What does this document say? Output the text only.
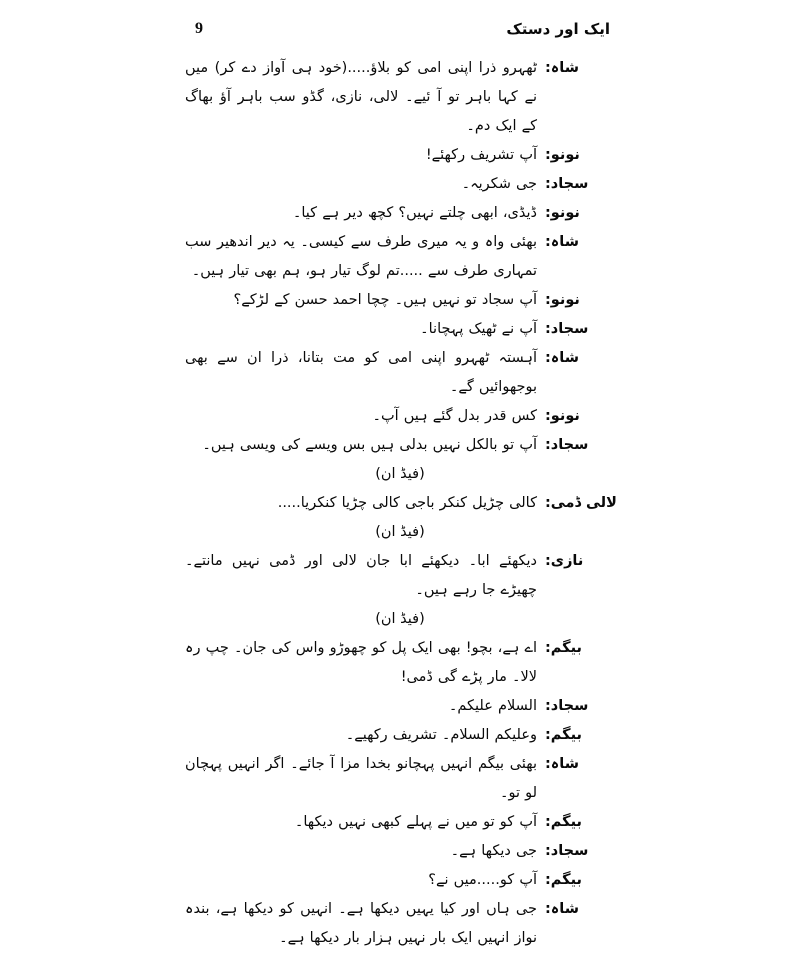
ایک اور دستک
9
شاہ:
ٹھہرو ذرا اپنی امی کو بلاؤ.....(خود ہی آواز دے کر) میں نے کہا باہر تو آ ئیے۔ لالی، نازی، گڈو سب باہر آؤ بھاگ کے ایک دم۔
نونو:
آپ تشریف رکھئے!
سجاد:
جی شکریہ۔
نونو:
ڈیڈی، ابھی چلتے نہیں؟ کچھ دیر ہے کیا۔
شاہ:
بھئی واہ و یہ میری طرف سے کیسی۔ یہ دیر اندھیر سب تمہاری طرف سے .....تم لوگ تیار ہو، ہم بھی تیار ہیں۔
نونو:
آپ سجاد تو نہیں ہیں۔ چچا احمد حسن کے لڑکے؟
سجاد:
آپ نے ٹھیک پہچانا۔
شاہ:
آہستہ ٹھہرو اپنی امی کو مت بتانا، ذرا ان سے بھی بوجھوائیں گے۔
نونو:
کس قدر بدل گئے ہیں آپ۔
سجاد:
آپ تو بالکل نہیں بدلی ہیں بس ویسے کی ویسی ہیں۔
(فیڈ ان)
لالی ڈمی:
کالی چڑیل کنکر باجی کالی چڑیا کنکریا.....
(فیڈ ان)
نازی:
دیکھئے ابا۔ دیکھئے ابا جان لالی اور ڈمی نہیں مانتے۔ چھیڑے جا رہے ہیں۔
(فیڈ ان)
بیگم:
اے ہے، بچو! بھی ایک پل کو چھوڑو واس کی جان۔ چپ رہ لالا۔ مار پڑے گی ڈمی!
سجاد:
السلام علیکم۔
بیگم:
وعلیکم السلام۔ تشریف رکھیے۔
شاہ:
بھئی بیگم انہیں پہچانو بخدا مزا آ جائے۔ اگر انہیں پہچان لو تو۔
بیگم:
آپ کو تو میں نے پہلے کبھی نہیں دیکھا۔
سجاد:
جی دیکھا ہے۔
بیگم:
آپ کو.....میں نے؟
شاہ:
جی ہاں اور کیا یہیں دیکھا ہے۔ انہیں کو دیکھا ہے، بندہ نواز انہیں ایک بار نہیں ہزار بار دیکھا ہے۔
